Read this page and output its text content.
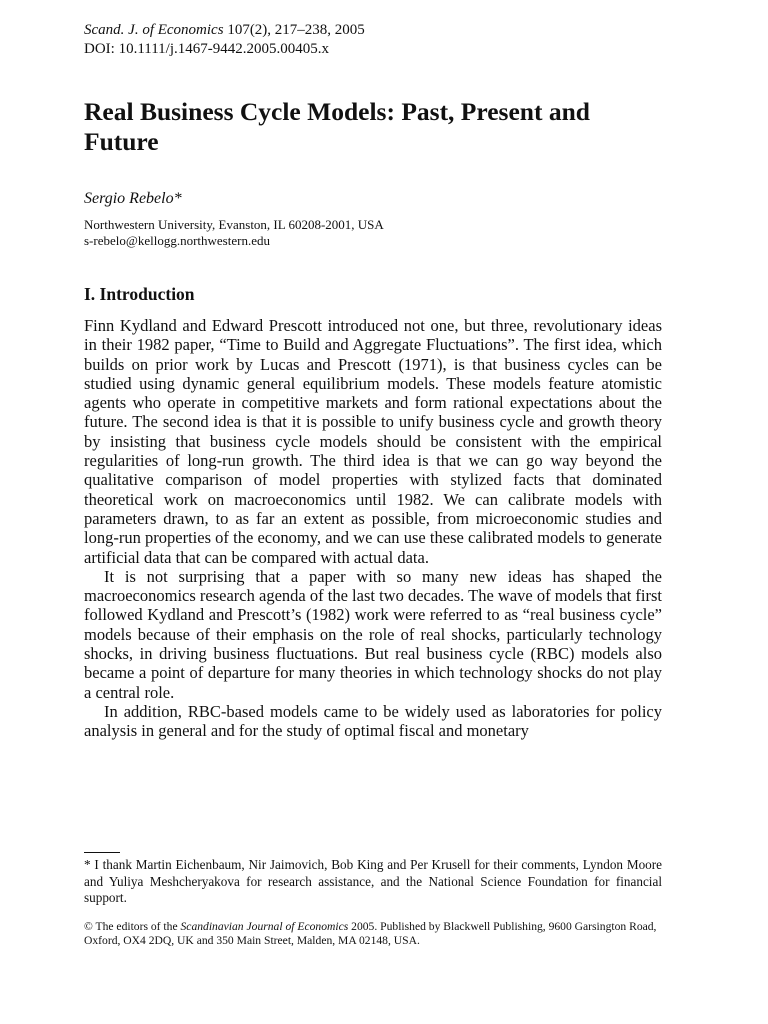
Scand. J. of Economics 107(2), 217–238, 2005
DOI: 10.1111/j.1467-9442.2005.00405.x
Real Business Cycle Models: Past, Present and Future
Sergio Rebelo*
Northwestern University, Evanston, IL 60208-2001, USA
s-rebelo@kellogg.northwestern.edu
I. Introduction

Finn Kydland and Edward Prescott introduced not one, but three, revolutionary ideas in their 1982 paper, “Time to Build and Aggregate Fluctuations”. The first idea, which builds on prior work by Lucas and Prescott (1971), is that business cycles can be studied using dynamic general equilibrium models. These models feature atomistic agents who operate in competitive markets and form rational expectations about the future. The second idea is that it is possible to unify business cycle and growth theory by insisting that business cycle models should be consistent with the empirical regularities of long-run growth. The third idea is that we can go way beyond the qualitative comparison of model properties with stylized facts that dominated theoretical work on macroeconomics until 1982. We can calibrate models with parameters drawn, to as far an extent as possible, from microeconomic studies and long-run properties of the economy, and we can use these calibrated models to generate artificial data that can be compared with actual data.

It is not surprising that a paper with so many new ideas has shaped the macroeconomics research agenda of the last two decades. The wave of models that first followed Kydland and Prescott’s (1982) work were referred to as “real business cycle” models because of their emphasis on the role of real shocks, particularly technology shocks, in driving business fluctuations. But real business cycle (RBC) models also became a point of departure for many theories in which technology shocks do not play a central role.

In addition, RBC-based models came to be widely used as laboratories for policy analysis in general and for the study of optimal fiscal and monetary

* I thank Martin Eichenbaum, Nir Jaimovich, Bob King and Per Krusell for their comments, Lyndon Moore and Yuliya Meshcheryakova for research assistance, and the National Science Foundation for financial support.
© The editors of the Scandinavian Journal of Economics 2005. Published by Blackwell Publishing, 9600 Garsington Road, Oxford, OX4 2DQ, UK and 350 Main Street, Malden, MA 02148, USA.
